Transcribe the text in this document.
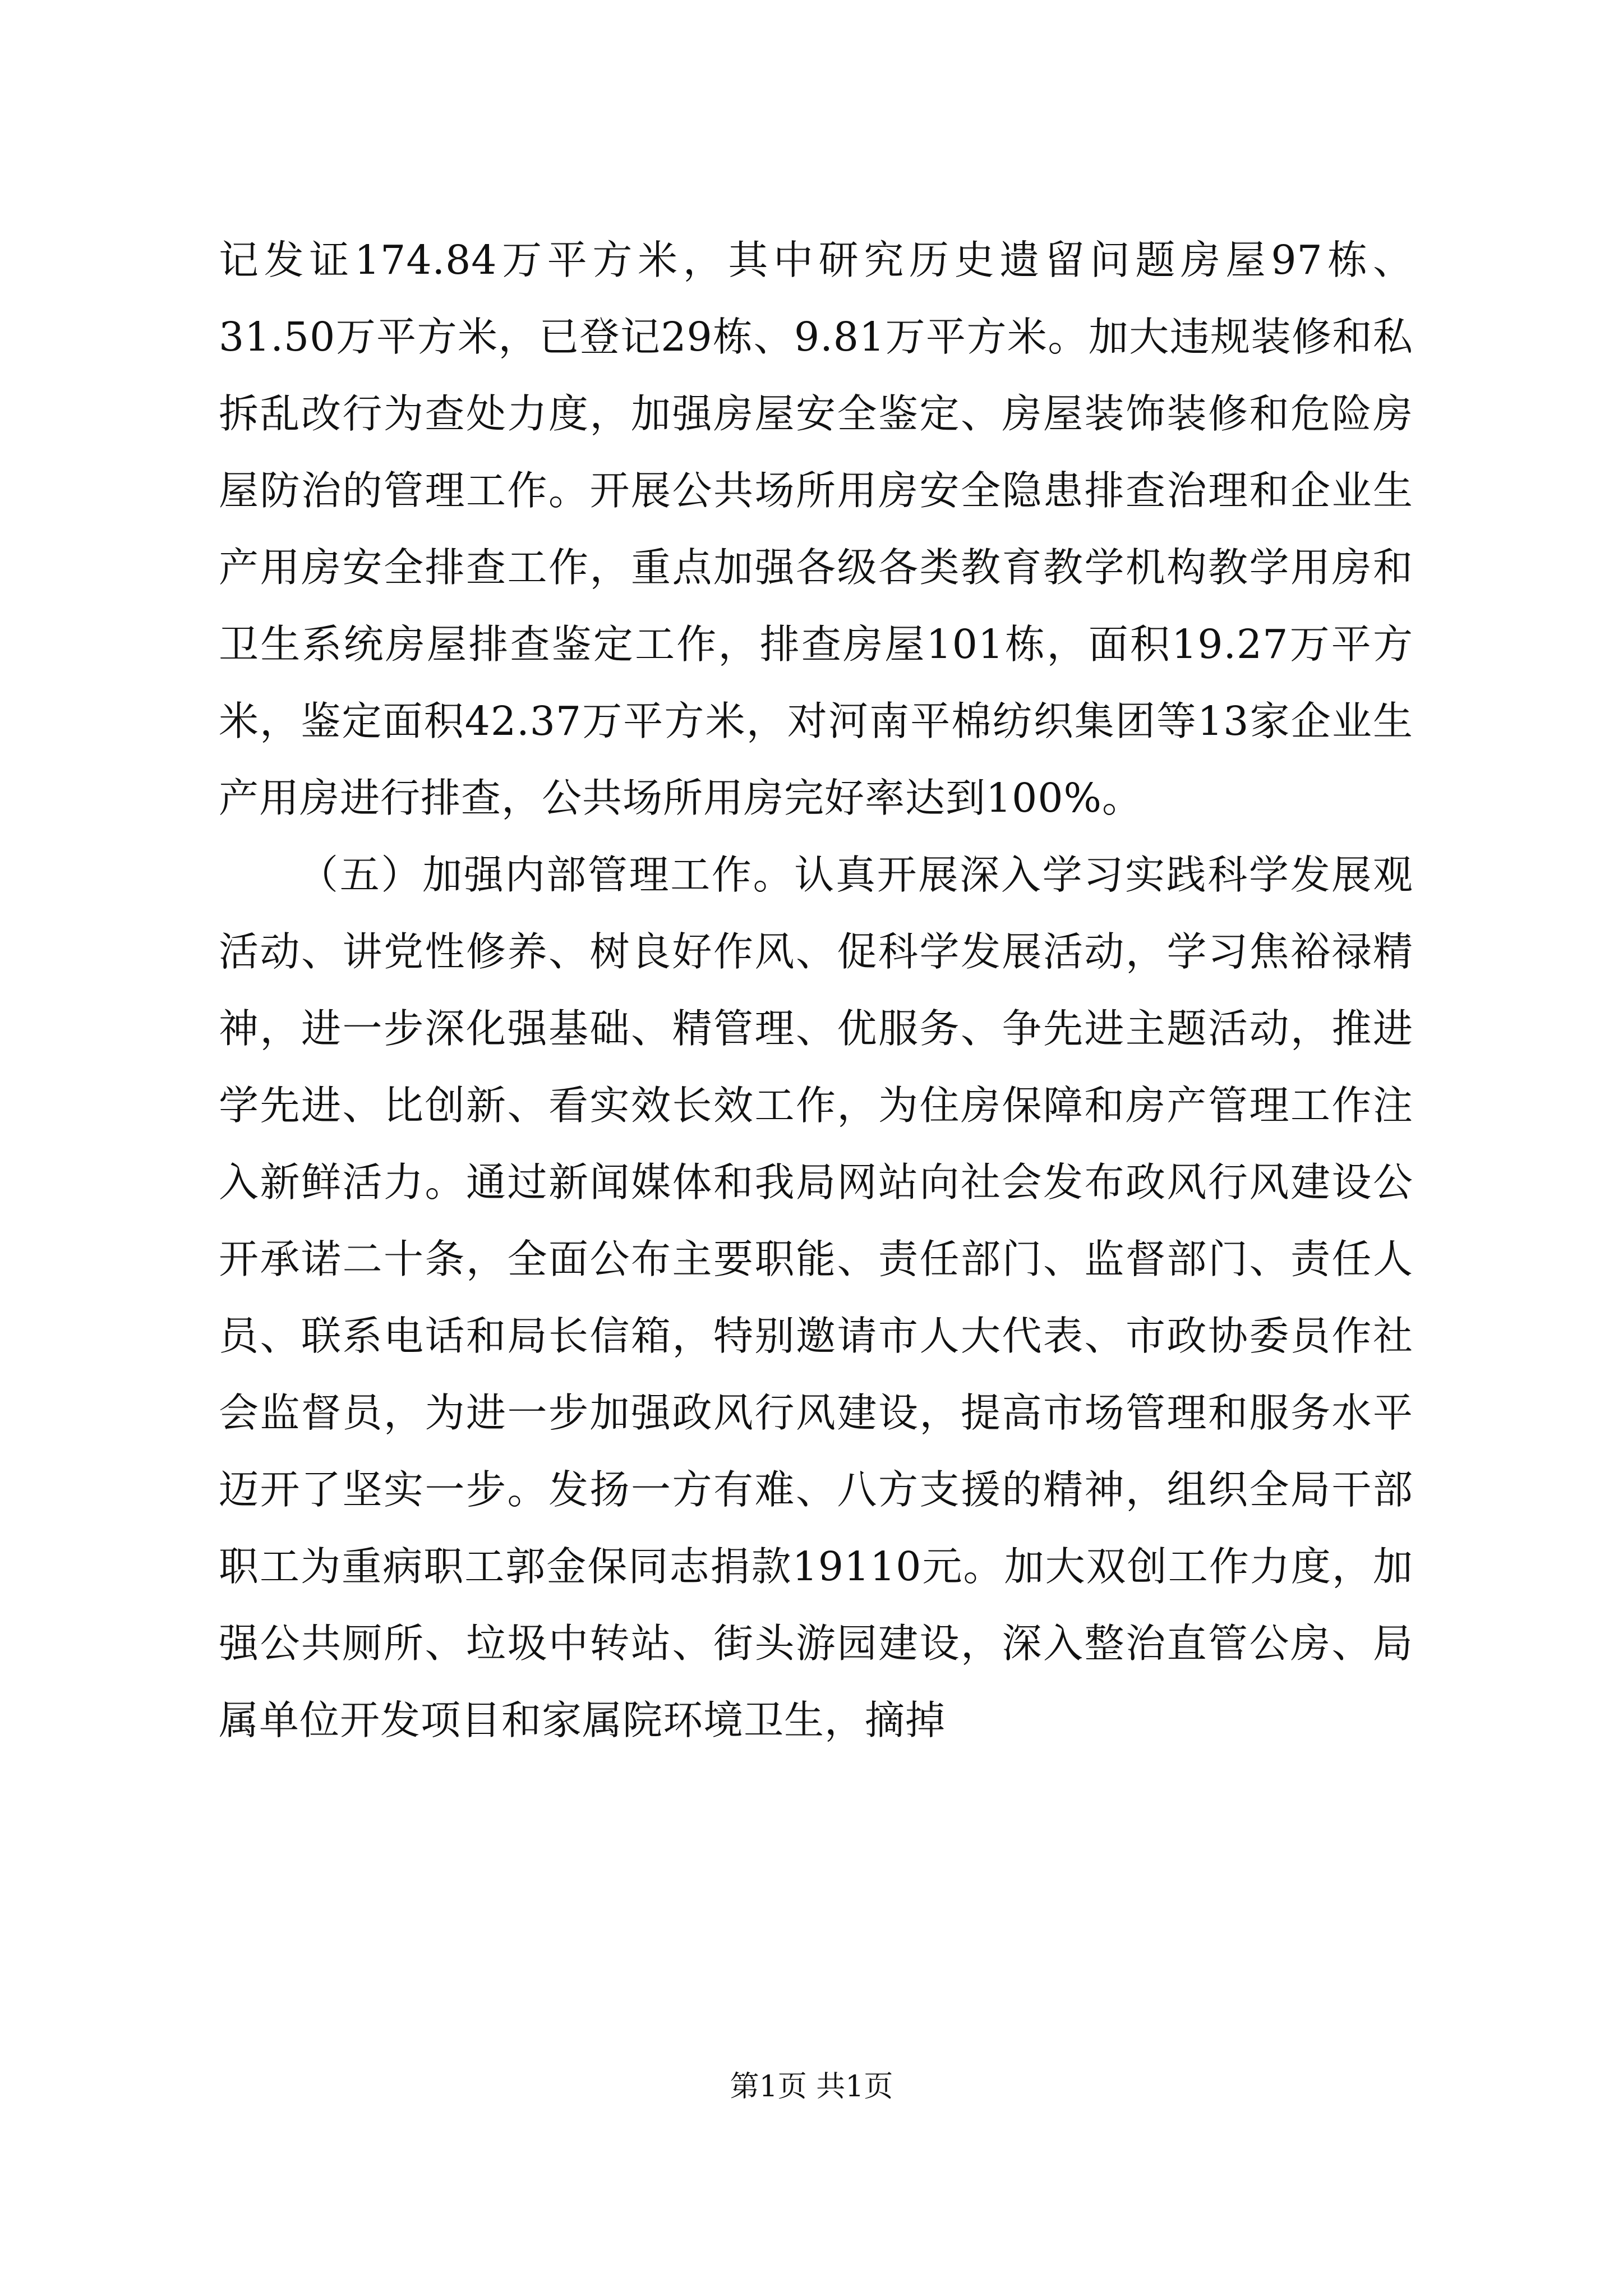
记发证174.84万平方米，其中研究历史遗留问题房屋97栋、31.50万平方米，已登记29栋、9.81万平方米。加大违规装修和私拆乱改行为查处力度，加强房屋安全鉴定、房屋装饰装修和危险房屋防治的管理工作。开展公共场所用房安全隐患排查治理和企业生产用房安全排查工作，重点加强各级各类教育教学机构教学用房和卫生系统房屋排查鉴定工作，排查房屋101栋，面积19.27万平方米，鉴定面积42.37万平方米，对河南平棉纺织集团等13家企业生产用房进行排查，公共场所用房完好率达到100%。

（五）加强内部管理工作。认真开展深入学习实践科学发展观活动、讲党性修养、树良好作风、促科学发展活动，学习焦裕禄精神，进一步深化强基础、精管理、优服务、争先进主题活动，推进学先进、比创新、看实效长效工作，为住房保障和房产管理工作注入新鲜活力。通过新闻媒体和我局网站向社会发布政风行风建设公开承诺二十条，全面公布主要职能、责任部门、监督部门、责任人员、联系电话和局长信箱，特别邀请市人大代表、市政协委员作社会监督员，为进一步加强政风行风建设，提高市场管理和服务水平迈开了坚实一步。发扬一方有难、八方支援的精神，组织全局干部职工为重病职工郭金保同志捐款19110元。加大双创工作力度，加强公共厕所、垃圾中转站、街头游园建设，深入整治直管公房、局属单位开发项目和家属院环境卫生，摘掉

第1页 共1页
